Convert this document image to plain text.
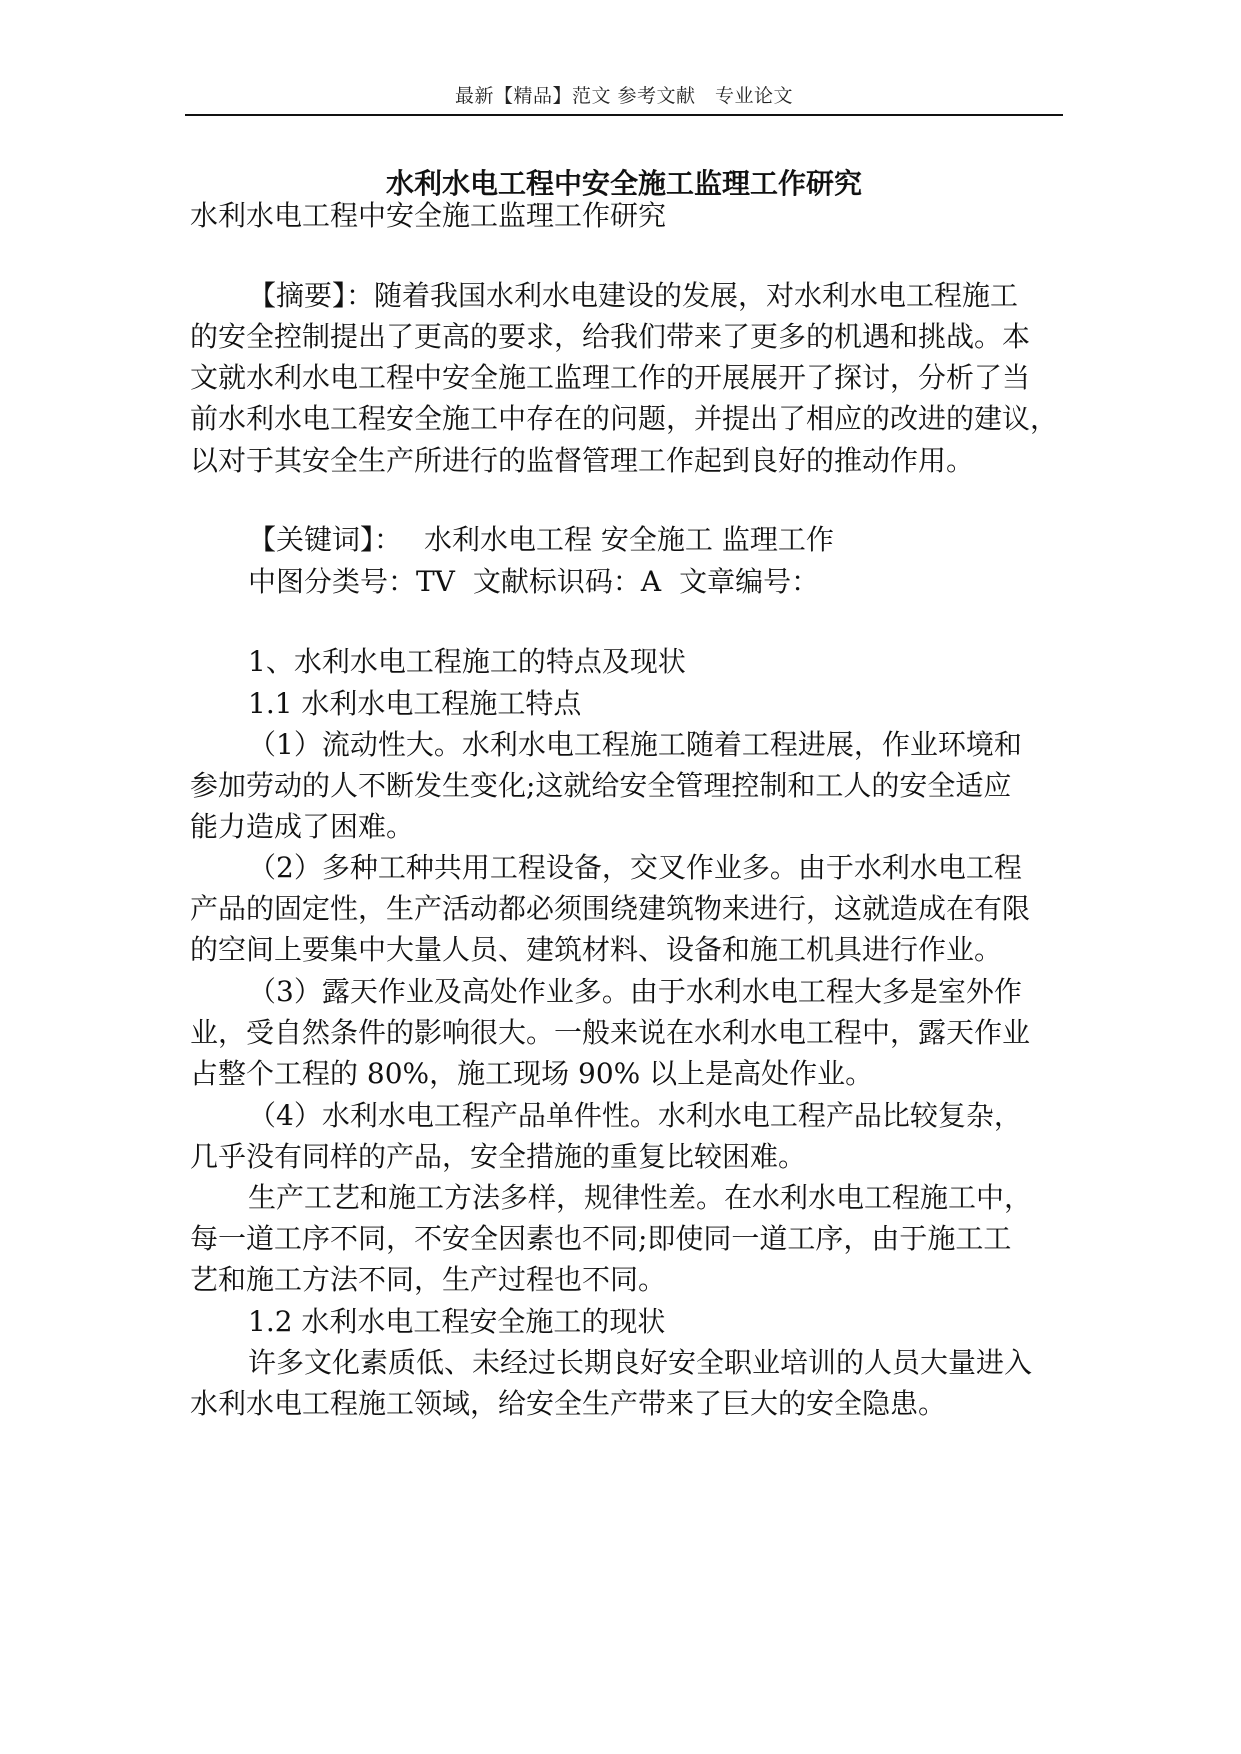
最新【精品】范文 参考文献　专业论文
水利水电工程中安全施工监理工作研究

水利水电工程中安全施工监理工作研究

【摘要】：随着我国水利水电建设的发展，对水利水电工程施工

的安全控制提出了更高的要求，给我们带来了更多的机遇和挑战。本

文就水利水电工程中安全施工监理工作的开展展开了探讨，分析了当

前水利水电工程安全施工中存在的问题，并提出了相应的改进的建议，

以对于其安全生产所进行的监督管理工作起到良好的推动作用。

【关键词】： 水利水电工程 安全施工 监理工作

中图分类号：TV 文献标识码：A 文章编号：

1、水利水电工程施工的特点及现状

1.1 水利水电工程施工特点

（1）流动性大。水利水电工程施工随着工程进展，作业环境和

参加劳动的人不断发生变化;这就给安全管理控制和工人的安全适应

能力造成了困难。

（2）多种工种共用工程设备，交叉作业多。由于水利水电工程

产品的固定性，生产活动都必须围绕建筑物来进行，这就造成在有限

的空间上要集中大量人员、建筑材料、设备和施工机具进行作业。

（3）露天作业及高处作业多。由于水利水电工程大多是室外作

业，受自然条件的影响很大。一般来说在水利水电工程中，露天作业

占整个工程的 80%，施工现场 90% 以上是高处作业。

（4）水利水电工程产品单件性。水利水电工程产品比较复杂，

几乎没有同样的产品，安全措施的重复比较困难。

生产工艺和施工方法多样，规律性差。在水利水电工程施工中，

每一道工序不同，不安全因素也不同;即使同一道工序，由于施工工

艺和施工方法不同，生产过程也不同。

1.2 水利水电工程安全施工的现状

许多文化素质低、未经过长期良好安全职业培训的人员大量进入

水利水电工程施工领域，给安全生产带来了巨大的安全隐患。
